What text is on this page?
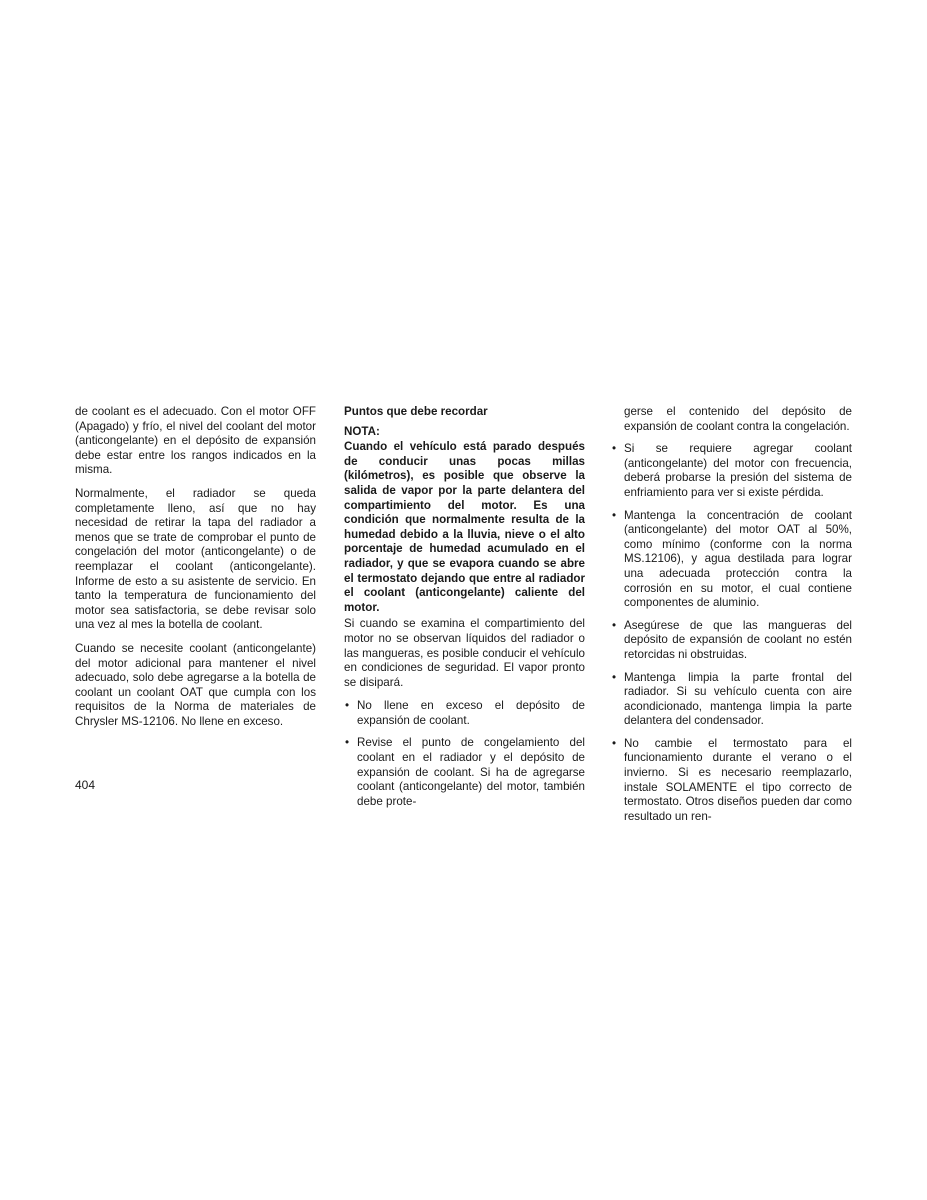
de coolant es el adecuado. Con el motor OFF (Apagado) y frío, el nivel del coolant del motor (anticongelante) en el depósito de expansión debe estar entre los rangos indicados en la misma.

Normalmente, el radiador se queda completamente lleno, así que no hay necesidad de retirar la tapa del radiador a menos que se trate de comprobar el punto de congelación del motor (anticongelante) o de reemplazar el coolant (anticongelante). Informe de esto a su asistente de servicio. En tanto la temperatura de funcionamiento del motor sea satisfactoria, se debe revisar solo una vez al mes la botella de coolant.

Cuando se necesite coolant (anticongelante) del motor adicional para mantener el nivel adecuado, solo debe agregarse a la botella de coolant un coolant OAT que cumpla con los requisitos de la Norma de materiales de Chrysler MS-12106. No llene en exceso.

Puntos que debe recordar
NOTA:
Cuando el vehículo está parado después de conducir unas pocas millas (kilómetros), es posible que observe la salida de vapor por la parte delantera del compartimiento del motor. Es una condición que normalmente resulta de la humedad debido a la lluvia, nieve o el alto porcentaje de humedad acumulado en el radiador, y que se evapora cuando se abre el termostato dejando que entre al radiador el coolant (anticongelante) caliente del motor.

Si cuando se examina el compartimiento del motor no se observan líquidos del radiador o las mangueras, es posible conducir el vehículo en condiciones de seguridad. El vapor pronto se disipará.

• No llene en exceso el depósito de expansión de coolant.
• Revise el punto de congelamiento del coolant en el radiador y el depósito de expansión de coolant. Si ha de agregarse coolant (anticongelante) del motor, también debe prote-
gerse el contenido del depósito de expansión de coolant contra la congelación.
• Si se requiere agregar coolant (anticongelante) del motor con frecuencia, deberá probarse la presión del sistema de enfriamiento para ver si existe pérdida.
• Mantenga la concentración de coolant (anticongelante) del motor OAT al 50%, como mínimo (conforme con la norma MS.12106), y agua destilada para lograr una adecuada protección contra la corrosión en su motor, el cual contiene componentes de aluminio.
• Asegúrese de que las mangueras del depósito de expansión de coolant no estén retorcidas ni obstruidas.
• Mantenga limpia la parte frontal del radiador. Si su vehículo cuenta con aire acondicionado, mantenga limpia la parte delantera del condensador.
• No cambie el termostato para el funcionamiento durante el verano o el invierno. Si es necesario reemplazarlo, instale SOLAMENTE el tipo correcto de termostato. Otros diseños pueden dar como resultado un ren-
404
